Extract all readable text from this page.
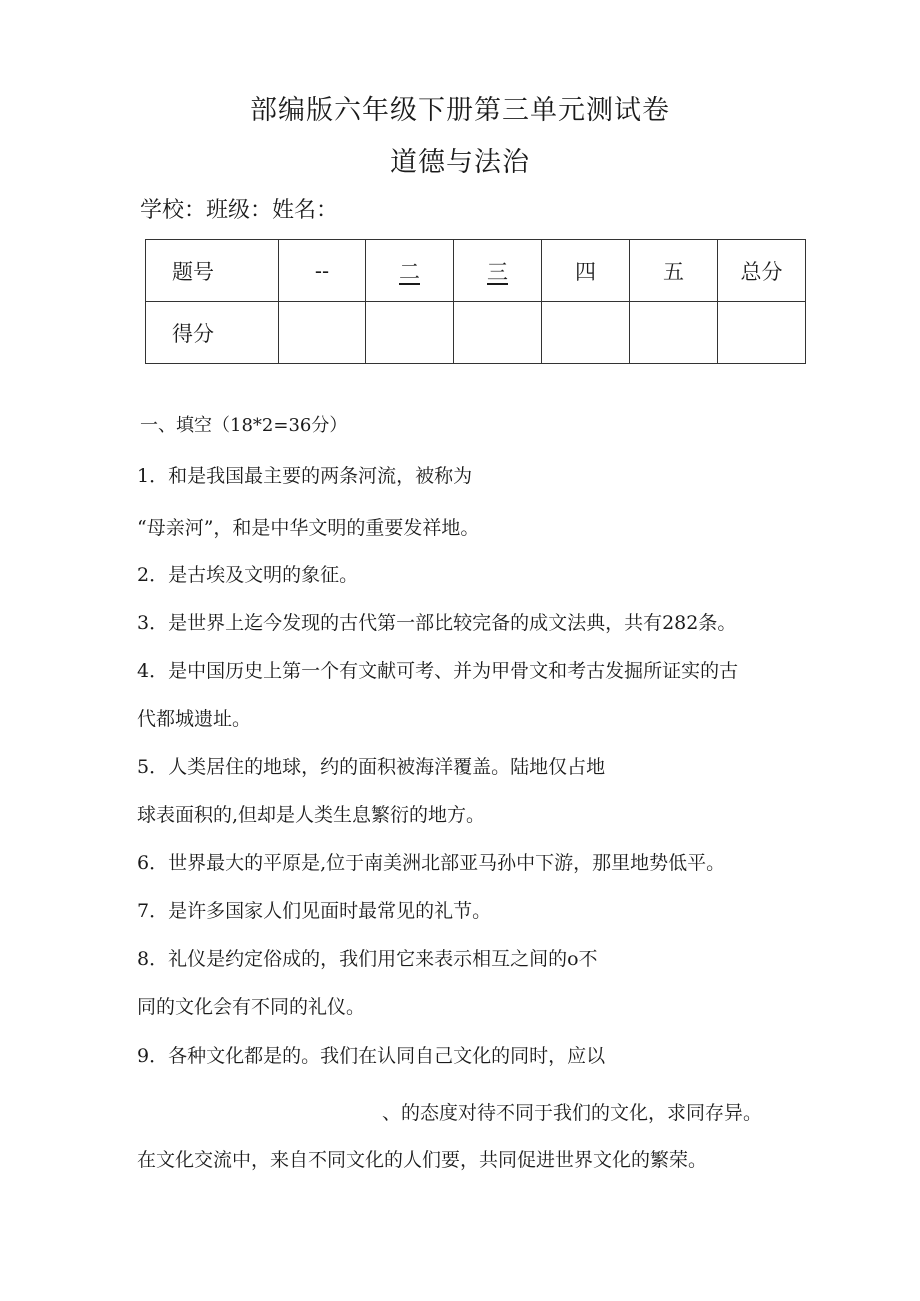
部编版六年级下册第三单元测试卷
道德与法治
学校：班级：姓名：
题号	--	二	三	四	五	总分
得分						
一、填空（18*2=36分）
1．和是我国最主要的两条河流，被称为
“母亲河”，和是中华文明的重要发祥地。
2．是古埃及文明的象征。
3．是世界上迄今发现的古代第一部比较完备的成文法典，共有282条。
4．是中国历史上第一个有文献可考、并为甲骨文和考古发掘所证实的古
代都城遗址。
5．人类居住的地球，约的面积被海洋覆盖。陆地仅占地
球表面积的,但却是人类生息繁衍的地方。
6．世界最大的平原是,位于南美洲北部亚马孙中下游，那里地势低平。
7．是许多国家人们见面时最常见的礼节。
8．礼仪是约定俗成的，我们用它来表示相互之间的o不
同的文化会有不同的礼仪。
9．各种文化都是的。我们在认同自己文化的同时，应以
、的态度对待不同于我们的文化，求同存异。
在文化交流中，来自不同文化的人们要，共同促进世界文化的繁荣。
